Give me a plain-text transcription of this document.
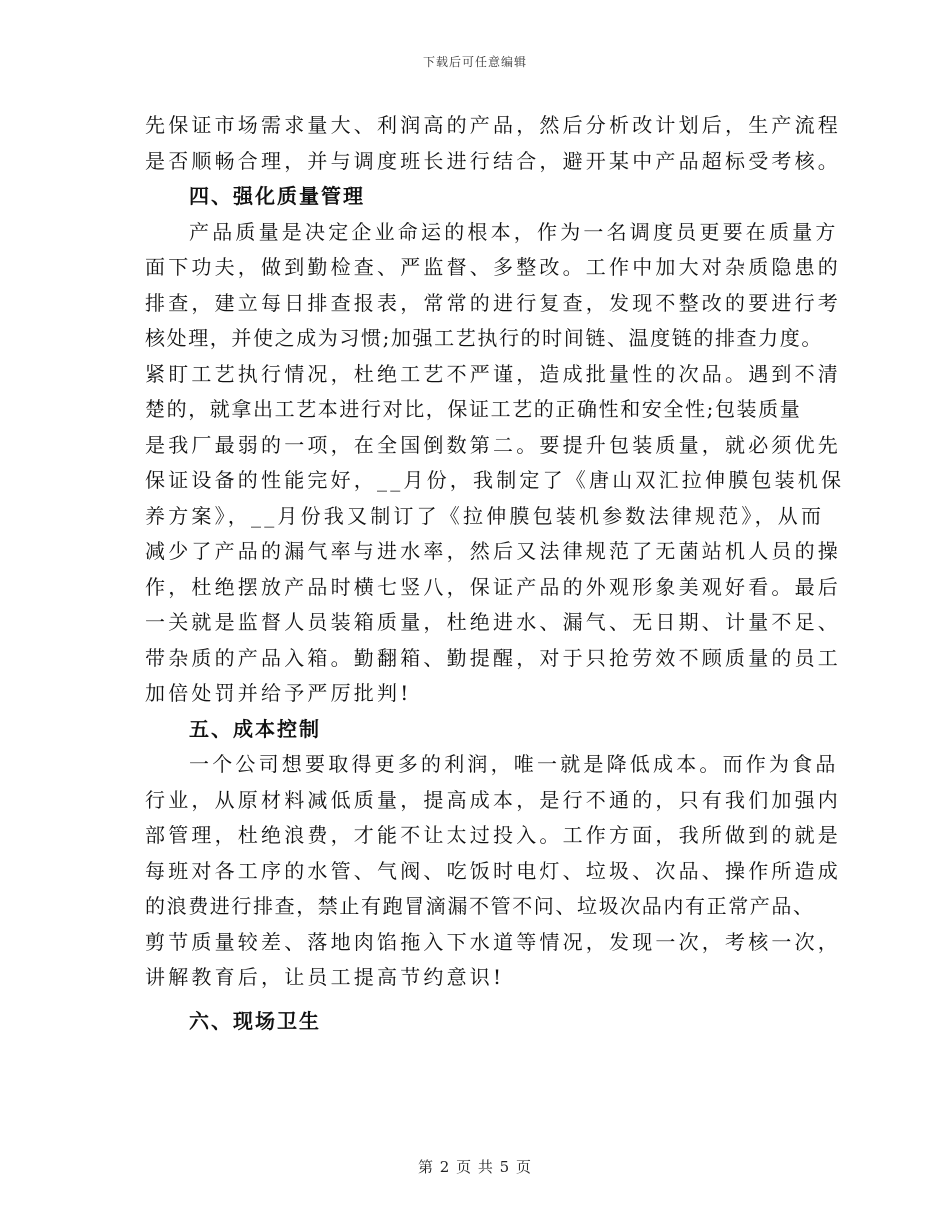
下载后可任意编辑
先保证市场需求量大、利润高的产品，然后分析改计划后，生产流程
是否顺畅合理，并与调度班长进行结合，避开某中产品超标受考核。
四、强化质量管理
产品质量是决定企业命运的根本，作为一名调度员更要在质量方
面下功夫，做到勤检查、严监督、多整改。工作中加大对杂质隐患的
排查，建立每日排查报表，常常的进行复查，发现不整改的要进行考
核处理，并使之成为习惯;加强工艺执行的时间链、温度链的排查力度。
紧盯工艺执行情况，杜绝工艺不严谨，造成批量性的次品。遇到不清
楚的，就拿出工艺本进行对比，保证工艺的正确性和安全性;包装质量
是我厂最弱的一项，在全国倒数第二。要提升包装质量，就必须优先
保证设备的性能完好，__月份，我制定了《唐山双汇拉伸膜包装机保
养方案》，__月份我又制订了《拉伸膜包装机参数法律规范》，从而
减少了产品的漏气率与进水率，然后又法律规范了无菌站机人员的操
作，杜绝摆放产品时横七竖八，保证产品的外观形象美观好看。最后
一关就是监督人员装箱质量，杜绝进水、漏气、无日期、计量不足、
带杂质的产品入箱。勤翻箱、勤提醒，对于只抢劳效不顾质量的员工
加倍处罚并给予严厉批判!
五、成本控制
一个公司想要取得更多的利润，唯一就是降低成本。而作为食品
行业，从原材料减低质量，提高成本，是行不通的，只有我们加强内
部管理，杜绝浪费，才能不让太过投入。工作方面，我所做到的就是
每班对各工序的水管、气阀、吃饭时电灯、垃圾、次品、操作所造成
的浪费进行排查，禁止有跑冒滴漏不管不问、垃圾次品内有正常产品、
剪节质量较差、落地肉馅拖入下水道等情况，发现一次，考核一次，
讲解教育后，让员工提高节约意识!
六、现场卫生
第 2 页 共 5 页
